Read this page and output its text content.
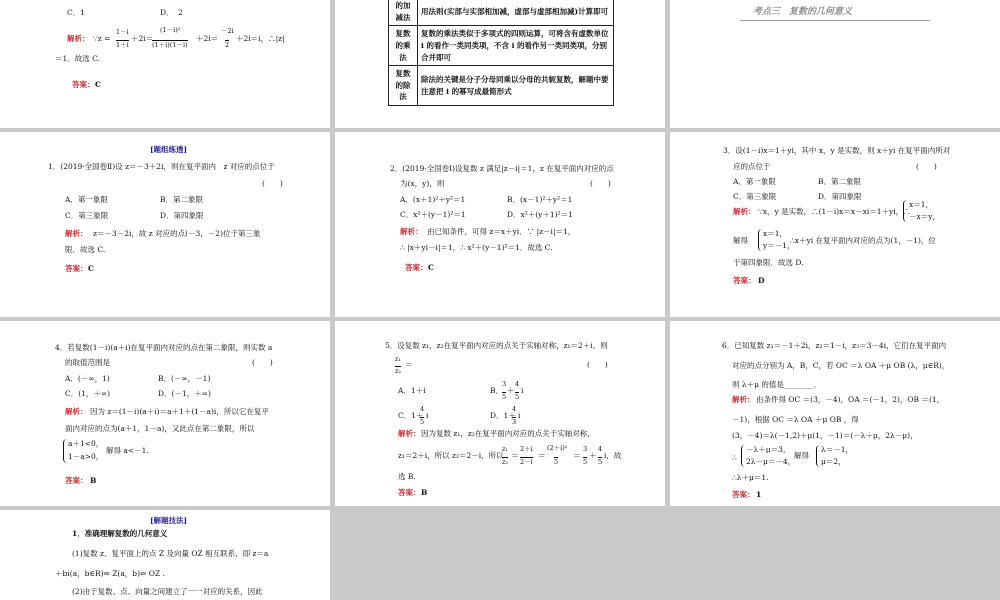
C．1	D． 2
解析： ∵z =
1－i
1＋i
＋2i＝
(1－i)²
(1＋i)(1－i)
＋2i＝
－2i
2
＋2i＝i，∴|z|
＝1．故选 C.
答案： C
的加减法	用法则(实部与实部相加减，虚部与虚部相加减)计算即可
复数的乘法	复数的乘法类似于多项式的四则运算，可将含有虚数单位 i 的看作一类同类项，不含 i 的看作另一类同类项，分别合并即可
复数的除法	除法的关键是分子分母同乘以分母的共轭复数，解题中要注意把 i 的幂写成最简形式
考点三　复数的几何意义
[题组练透]
1．(2019·全国卷Ⅱ)设 z＝－3＋2i，则在复平面内　z 对应的点位于
(　　)
A．第一象限	B．第二象限
C．第三象限	D．第四象限
解析： z＝－3－2i，故 z 对应的点(－3，－2)位于第三象
限．故选 C.
答案： C
2．(2019·全国卷Ⅰ)设复数 z 满足|z－i|＝1，z 在复平面内对应的点
为(x，y)，则	(　　)
A．(x＋1)²＋y²＝1	B．(x－1)²＋y²＝1
C．x²＋(y－1)²＝1	D．x²＋(y＋1)²＝1
解析： 由已知条件，可得 z＝x＋yi．∵ |z－i|＝1，
∴ |x＋yi－i|＝1，∴ x²＋(y－1)²＝1．故选 C.
答案： C
3．设(1－i)x＝1＋yi，其中 x，y 是实数，则 x＋yi 在复平面内所对
应的点位于	(　　)
A．第一象限	B．第二象限
C．第三象限	D．第四象限
解析： ∵x，y 是实数，∴(1－i)x＝x－xi＝1＋yi，∴
x＝1，
－x＝y，
解得
x＝1，
y＝－1，
∴x＋yi 在复平面内对应的点为(1，－1)，位
于第四象限．故选 D.
答案： D
4．若复数(1－i)(a＋i)在复平面内对应的点在第二象限，则实数 a
的取值范围是	(　　)
A．(－∞，1)	B．(－∞，－1)
C．(1，＋∞)	D．(－1，＋∞)
解析： 因为 z＝(1－i)(a＋i)＝a＋1＋(1－a)i，所以它在复平
面内对应的点为(a＋1，1－a)，又此点在第二象限，所以
a＋1<0，
1－a>0，
解得 a<－1.
答案： B
5．设复数 z₁，z₂在复平面内对应的点关于实轴对称，z₁＝2＋i，则
z₁
z₂
＝	(　　)
A．1＋i	B．
3
5
＋
4
5
i
C．1＋
4
5
i	D．1＋
4
3
i
解析： 因为复数 z₁，z₂在复平面内对应的点关于实轴对称，
z₁＝2＋i，所以 z₂＝2－i，所以
z₁
z₂
＝
2＋i
2－i
＝
(2＋i)²
5
＝
3
5
＋
4
5
i，故
选 B.
答案： B
6．已知复数 z₁＝－1＋2i，z₂＝1－i，z₃＝3－4i，它们在复平面内
对应的点分别为 A，B，C，若 OC ＝λ OA ＋μ OB (λ，μ∈R)，
则 λ＋μ 的值是________．
解析： 由条件得 OC ＝(3，－4)，OA ＝(－1，2)，OB ＝(1，
－1)，根据 OC ＝λ OA ＋μ OB ，得
(3，－4)＝λ(－1,2)＋μ(1，－1)＝(－λ＋μ，2λ－μ)，
∴
－λ＋μ＝3，
2λ－μ＝－4，
解得
λ＝－1，
μ＝2，
∴λ＋μ＝1.
答案： 1
[解题技法]
1．准确理解复数的几何意义
(1)复数 z、复平面上的点 Z 及向量 OZ 相互联系，即 z＝a
＋bi(a，b∈R)⇔ Z(a，b)⇔ OZ .
(2)由于复数、点、向量之间建立了一一对应的关系，因此
